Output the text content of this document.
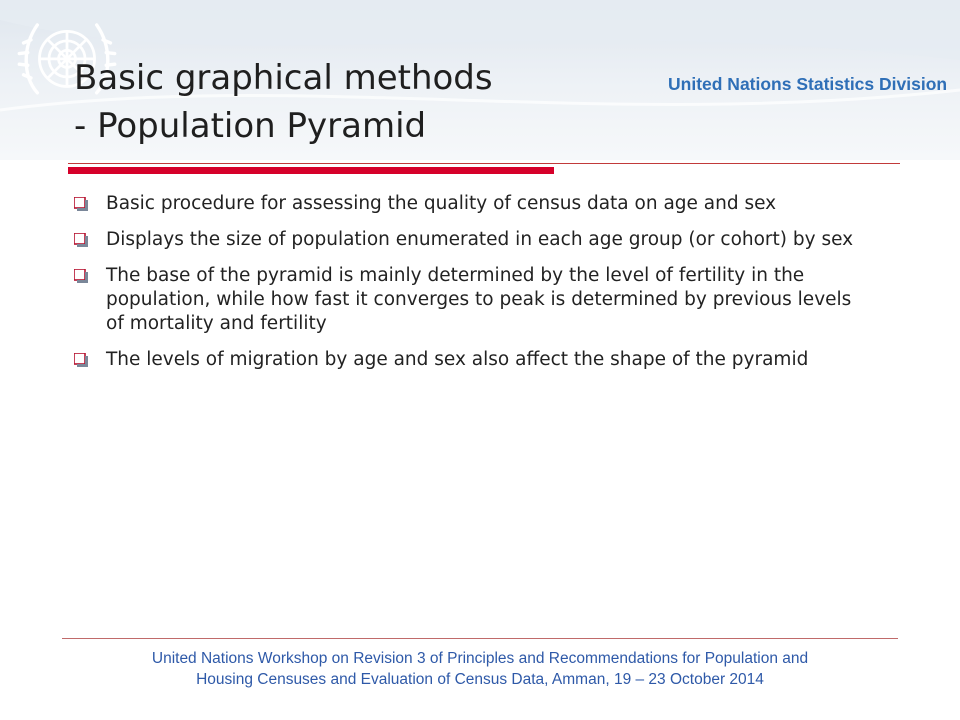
United Nations Statistics Division
Basic graphical methods
- Population Pyramid
Basic procedure for assessing the quality of census data on age and sex
Displays the size of population enumerated in each age group (or cohort) by sex
The base of the pyramid is mainly determined by the level of fertility in the population, while how fast it converges to peak is determined by previous levels of mortality and fertility
The levels of migration by age and sex also affect the shape of the pyramid
United Nations Workshop on Revision 3 of Principles and Recommendations for Population and
Housing Censuses and Evaluation of Census Data, Amman, 19 – 23 October 2014
